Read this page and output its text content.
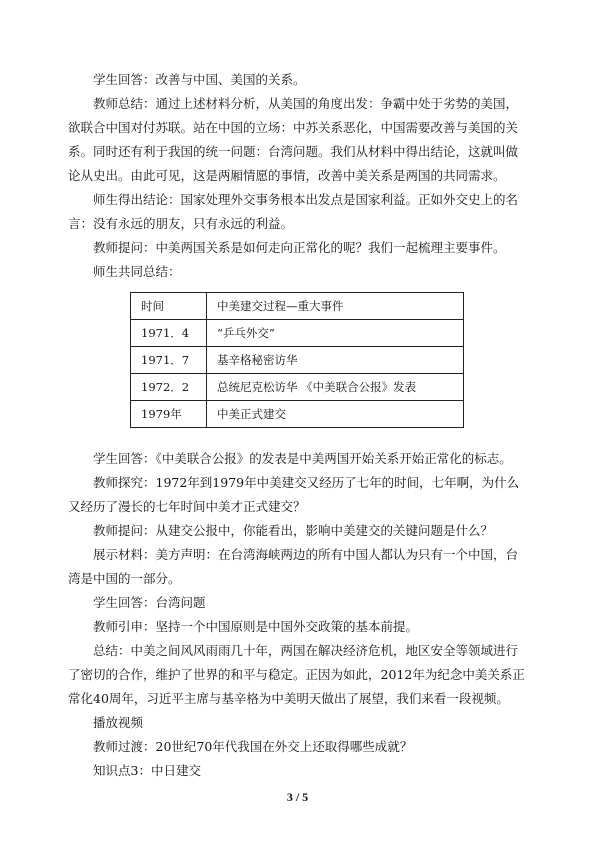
学生回答：改善与中国、美国的关系。

教师总结：通过上述材料分析，从美国的角度出发：争霸中处于劣势的美国，欲联合中国对付苏联。站在中国的立场：中苏关系恶化，中国需要改善与美国的关系。同时还有利于我国的统一问题：台湾问题。我们从材料中得出结论，这就叫做论从史出。由此可见，这是两厢情愿的事情，改善中美关系是两国的共同需求。

师生得出结论：国家处理外交事务根本出发点是国家利益。正如外交史上的名言：没有永远的朋友，只有永远的利益。

教师提问：中美两国关系是如何走向正常化的呢？我们一起梳理主要事件。

师生共同总结：

时间	中美建交过程—重大事件
1971．4	“乒乓外交”
1971．7	基辛格秘密访华
1972．2	总统尼克松访华 《中美联合公报》发表
1979年	中美正式建交

学生回答：《中美联合公报》的发表是中美两国开始关系开始正常化的标志。

教师探究：1972年到1979年中美建交又经历了七年的时间，七年啊，为什么又经历了漫长的七年时间中美才正式建交？

教师提问：从建交公报中，你能看出，影响中美建交的关键问题是什么？

展示材料：美方声明：在台湾海峡两边的所有中国人都认为只有一个中国，台湾是中国的一部分。

学生回答：台湾问题

教师引申：坚持一个中国原则是中国外交政策的基本前提。

总结：中美之间风风雨雨几十年，两国在解决经济危机，地区安全等领域进行了密切的合作，维护了世界的和平与稳定。正因为如此，2012年为纪念中美关系正常化40周年，习近平主席与基辛格为中美明天做出了展望，我们来看一段视频。

播放视频

教师过渡：20世纪70年代我国在外交上还取得哪些成就？

知识点3：中日建交

3 / 5
